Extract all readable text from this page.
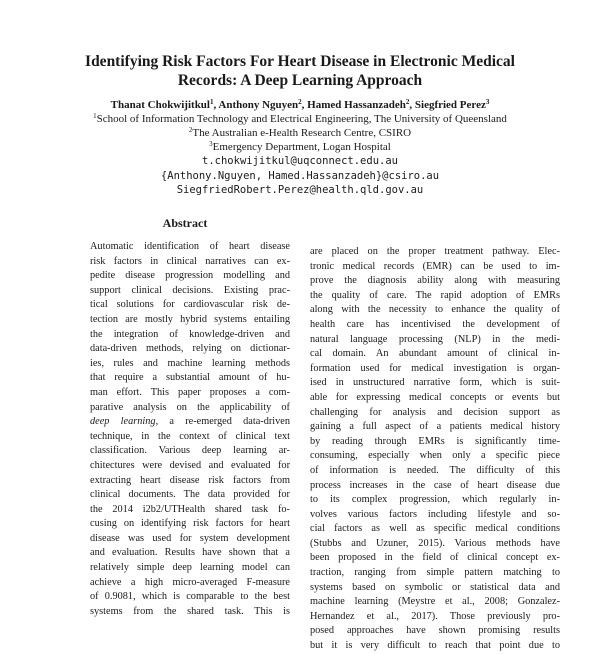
Identifying Risk Factors For Heart Disease in Electronic Medical
Records: A Deep Learning Approach
Thanat Chokwijitkul$^1$, Anthony Nguyen$^2$, Hamed Hassanzadeh$^2$, Siegfried Perez$^3$
$^1$School of Information Technology and Electrical Engineering, The University of Queensland
$^2$The Australian e-Health Research Centre, CSIRO
$^3$Emergency Department, Logan Hospital
t.chokwijitkul@uqconnect.edu.au
{Anthony.Nguyen, Hamed.Hassanzadeh}@csiro.au
SiegfriedRobert.Perez@health.qld.gov.au
Abstract
Automatic identification of heart disease
risk factors in clinical narratives can ex-
pedite disease progression modelling and
support clinical decisions. Existing prac-
tical solutions for cardiovascular risk de-
tection are mostly hybrid systems entailing
the integration of knowledge-driven and
data-driven methods, relying on dictionar-
ies, rules and machine learning methods
that require a substantial amount of hu-
man effort. This paper proposes a com-
parative analysis on the applicability of
deep learning, a re-emerged data-driven
technique, in the context of clinical text
classification. Various deep learning ar-
chitectures were devised and evaluated for
extracting heart disease risk factors from
clinical documents. The data provided for
the 2014 i2b2/UTHealth shared task fo-
cusing on identifying risk factors for heart
disease was used for system development
and evaluation. Results have shown that a
relatively simple deep learning model can
achieve a high micro-averaged F-measure
of 0.9081, which is comparable to the best
systems from the shared task. This is
are placed on the proper treatment pathway. Elec-
tronic medical records (EMR) can be used to im-
prove the diagnosis ability along with measuring
the quality of care. The rapid adoption of EMRs
along with the necessity to enhance the quality of
health care has incentivised the development of
natural language processing (NLP) in the medi-
cal domain. An abundant amount of clinical in-
formation used for medical investigation is organ-
ised in unstructured narrative form, which is suit-
able for expressing medical concepts or events but
challenging for analysis and decision support as
gaining a full aspect of a patients medical history
by reading through EMRs is significantly time-
consuming, especially when only a specific piece
of information is needed. The difficulty of this
process increases in the case of heart disease due
to its complex progression, which regularly in-
volves various factors including lifestyle and so-
cial factors as well as specific medical conditions
(Stubbs and Uzuner, 2015). Various methods have
been proposed in the field of clinical concept ex-
traction, ranging from simple pattern matching to
systems based on symbolic or statistical data and
machine learning (Meystre et al., 2008; Gonzalez-
Hernandez et al., 2017). Those previously pro-
posed approaches have shown promising results
but it is very difficult to reach that point due to
